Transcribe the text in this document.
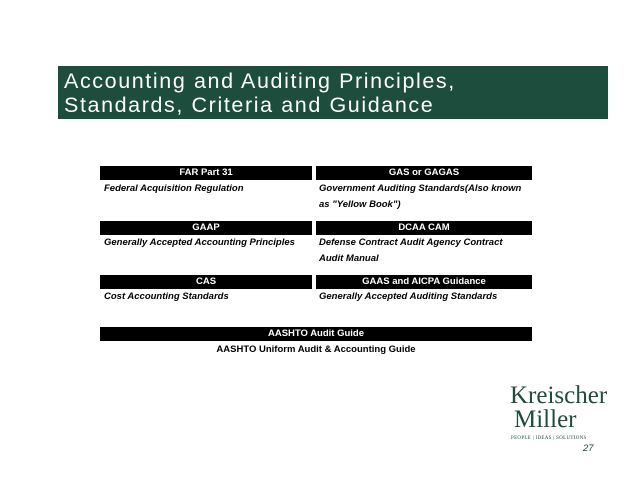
Accounting and Auditing Principles,
Standards, Criteria and Guidance
FAR Part 31	GAS or GAGAS
Federal Acquisition Regulation	Government Auditing Standards(Also known as "Yellow Book")
GAAP	DCAA CAM
Generally Accepted Accounting Principles	Defense Contract Audit Agency Contract Audit Manual
CAS	GAAS and AICPA Guidance
Cost Accounting Standards	Generally Accepted Auditing Standards
AASHTO Audit Guide
AASHTO Uniform Audit & Accounting Guide
Kreischer
Miller
PEOPLE | IDEAS | SOLUTIONS
27
